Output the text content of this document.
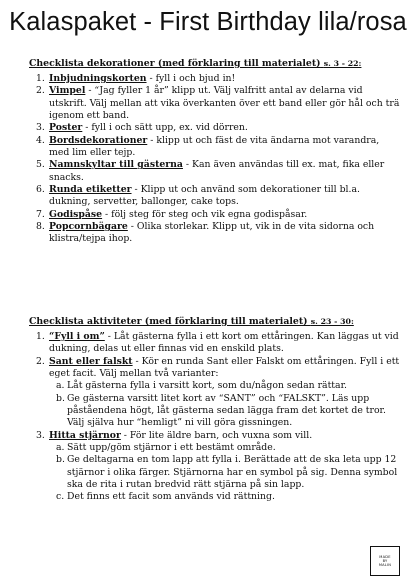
Kalaspaket - First Birthday lila/rosa
Checklista dekorationer (med förklaring till materialet) s. 3 - 22:
1. Inbjudningskorten - fyll i och bjud in!
2. Vimpel - “Jag fyller 1 år” klipp ut. Välj valfritt antal av delarna vid utskrift. Välj mellan att vika överkanten över ett band eller gör hål och trä igenom ett band.
3. Poster - fyll i och sätt upp, ex. vid dörren.
4. Bordsdekorationer - klipp ut och fäst de vita ändarna mot varandra, med lim eller tejp.
5. Namnskyltar till gästerna - Kan även användas till ex. mat, fika eller snacks.
6. Runda etiketter - Klipp ut och använd som dekorationer till bl.a. dukning, servetter, ballonger, cake tops.
7. Godispåse - följ steg för steg och vik egna godispåsar.
8. Popcornbägare - Olika storlekar. Klipp ut, vik in de vita sidorna och klistra/tejpa ihop.
Checklista aktiviteter (med förklaring till materialet) s. 23 - 30:
1. “Fyll i om” - Låt gästerna fylla i ett kort om ettåringen. Kan läggas ut vid dukning, delas ut eller finnas vid en enskild plats.
2. Sant eller falskt - Kör en runda Sant eller Falskt om ettåringen. Fyll i ett eget facit. Välj mellan två varianter:
a. Låt gästerna fylla i varsitt kort, som du/någon sedan rättar.
b. Ge gästerna varsitt litet kort av “SANT” och “FALSKT”. Läs upp påståendena högt, låt gästerna sedan lägga fram det kortet de tror. Välj själva hur “hemligt” ni vill göra gissningen.
3. Hitta stjärnor - För lite äldre barn, och vuxna som vill.
a. Sätt upp/göm stjärnor i ett bestämt område.
b. Ge deltagarna en tom lapp att fylla i. Berättade att de ska leta upp 12 stjärnor i olika färger. Stjärnorna har en symbol på sig. Denna symbol ska de rita i rutan bredvid rätt stjärna på sin lapp.
c. Det finns ett facit som används vid rättning.
MADE
BY
MALIN
